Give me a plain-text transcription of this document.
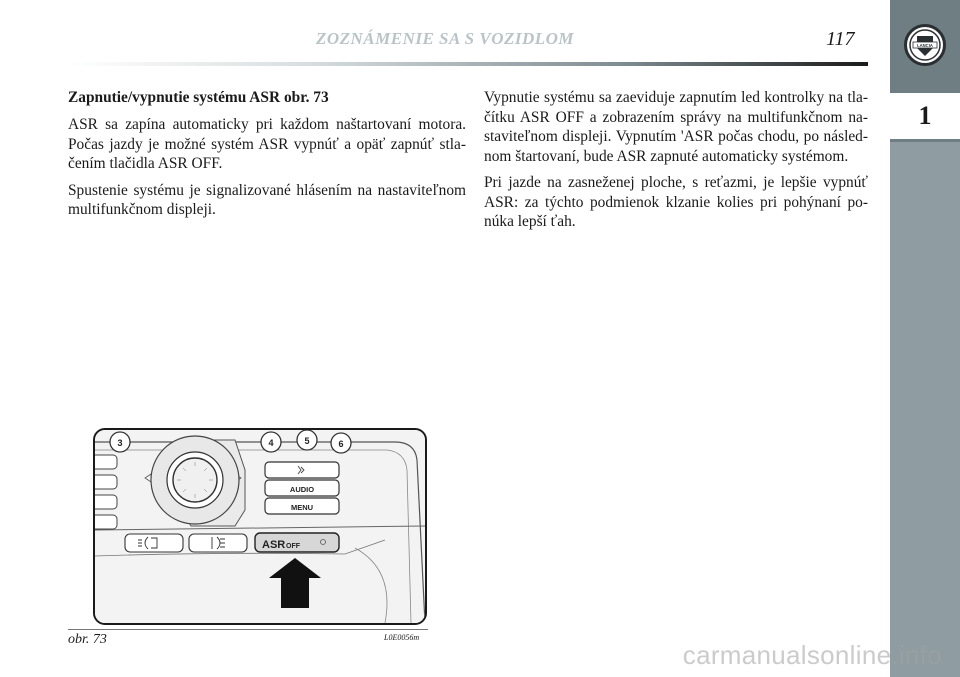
ZOZNÁMENIE SA S VOZIDLOM	117	LANCIA
1
Zapnutie/vypnutie systému ASR obr. 73

ASR sa zapína automaticky pri každom naštartovaní motora. Počas jazdy je možné systém ASR vypnúť a opäť zapnúť stla- čením tlačidla ASR OFF.

Spustenie systému je signalizované hlásením na nastaviteľnom multifunkčnom displeji.

Vypnutie systému sa zaeviduje zapnutím led kontrolky na tla- čítku ASR OFF a zobrazením správy na multifunkčnom na- staviteľnom displeji. Vypnutím 'ASR počas chodu, po násled- nom štartovaní, bude ASR zapnuté automaticky systémom.

Pri jazde na zasneženej ploche, s reťazmi, je lepšie vypnúť ASR: za týchto podmienok klzanie kolies pri pohýnaní po- núka lepší ťah.

3	4	5	6
AUDIO
MENU
ASR OFF
obr. 73	L0E0056m
carmanualsonline.info
